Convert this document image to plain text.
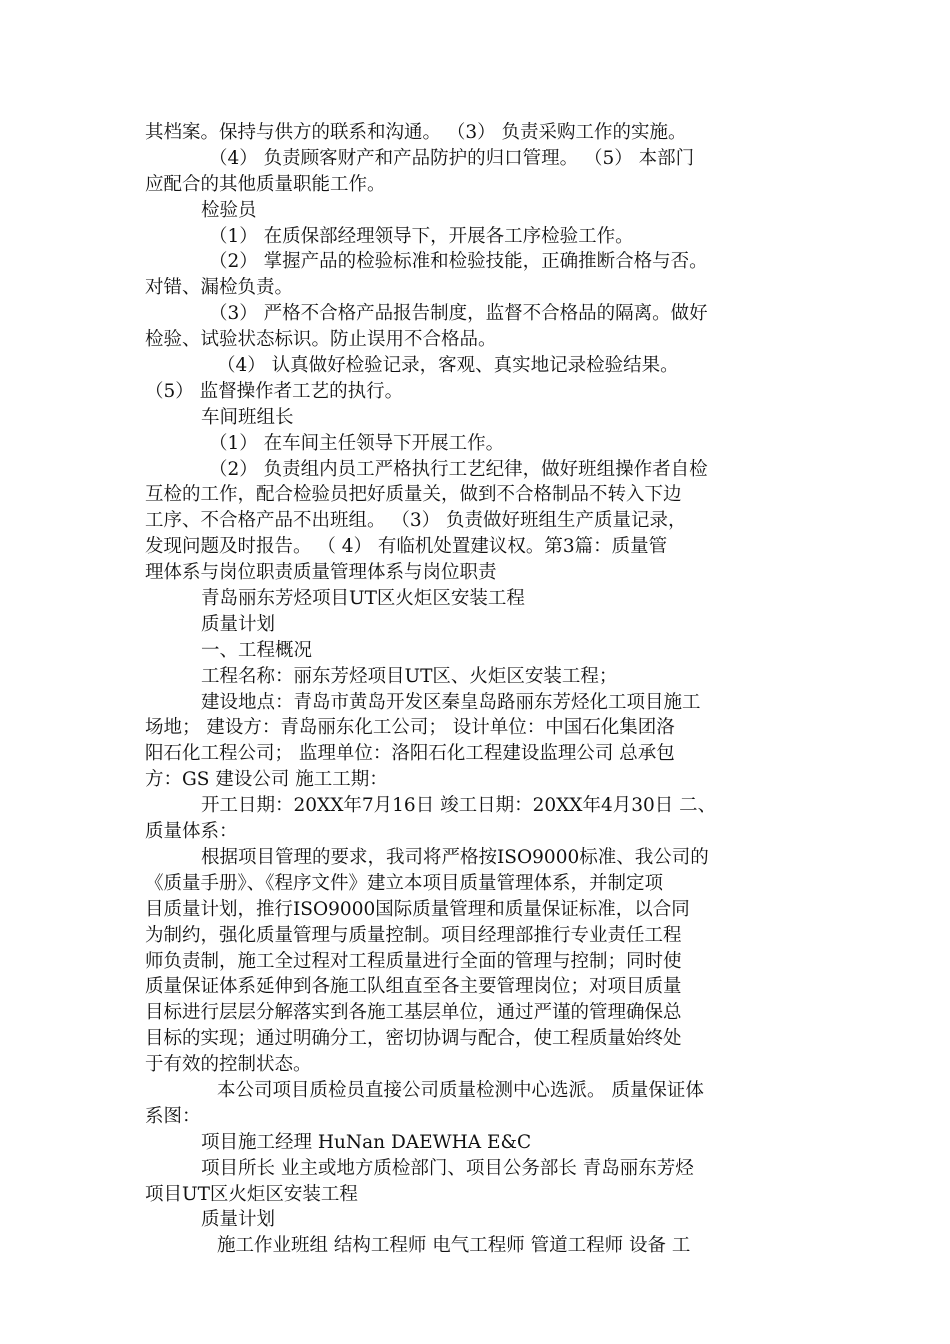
其档案。保持与供方的联系和沟通。 （3） 负责采购工作的实施。
（4） 负责顾客财产和产品防护的归口管理。 （5） 本部门
应配合的其他质量职能工作。
检验员
（1） 在质保部经理领导下，开展各工序检验工作。
（2） 掌握产品的检验标准和检验技能，正确推断合格与否。
对错、漏检负责。
（3） 严格不合格产品报告制度，监督不合格品的隔离。做好
检验、试验状态标识。防止误用不合格品。
（4） 认真做好检验记录，客观、真实地记录检验结果。
（5） 监督操作者工艺的执行。
车间班组长
（1） 在车间主任领导下开展工作。
（2） 负责组内员工严格执行工艺纪律，做好班组操作者自检
互检的工作，配合检验员把好质量关，做到不合格制品不转入下边
工序、不合格产品不出班组。 （3） 负责做好班组生产质量记录，
发现问题及时报告。 （ 4） 有临机处置建议权。第3篇：质量管
理体系与岗位职责质量管理体系与岗位职责
青岛丽东芳烃项目UT区火炬区安装工程
质量计划
一、工程概况
工程名称：丽东芳烃项目UT区、火炬区安装工程；
建设地点：青岛市黄岛开发区秦皇岛路丽东芳烃化工项目施工
场地； 建设方：青岛丽东化工公司； 设计单位：中国石化集团洛
阳石化工程公司； 监理单位：洛阳石化工程建设监理公司 总承包
方：GS 建设公司 施工工期：
开工日期：20XX年7月16日 竣工日期：20XX年4月30日 二、
质量体系：
根据项目管理的要求，我司将严格按ISO9000标准、我公司的
《质量手册》、《程序文件》建立本项目质量管理体系，并制定项
目质量计划，推行ISO9000国际质量管理和质量保证标准，以合同
为制约，强化质量管理与质量控制。项目经理部推行专业责任工程
师负责制，施工全过程对工程质量进行全面的管理与控制；同时使
质量保证体系延伸到各施工队组直至各主要管理岗位；对项目质量
目标进行层层分解落实到各施工基层单位，通过严谨的管理确保总
目标的实现；通过明确分工，密切协调与配合，使工程质量始终处
于有效的控制状态。
本公司项目质检员直接公司质量检测中心选派。 质量保证体
系图：
项目施工经理 HuNan DAEWHA E&C
项目所长 业主或地方质检部门、项目公务部长 青岛丽东芳烃
项目UT区火炬区安装工程
质量计划
施工作业班组 结构工程师 电气工程师 管道工程师 设备 工
